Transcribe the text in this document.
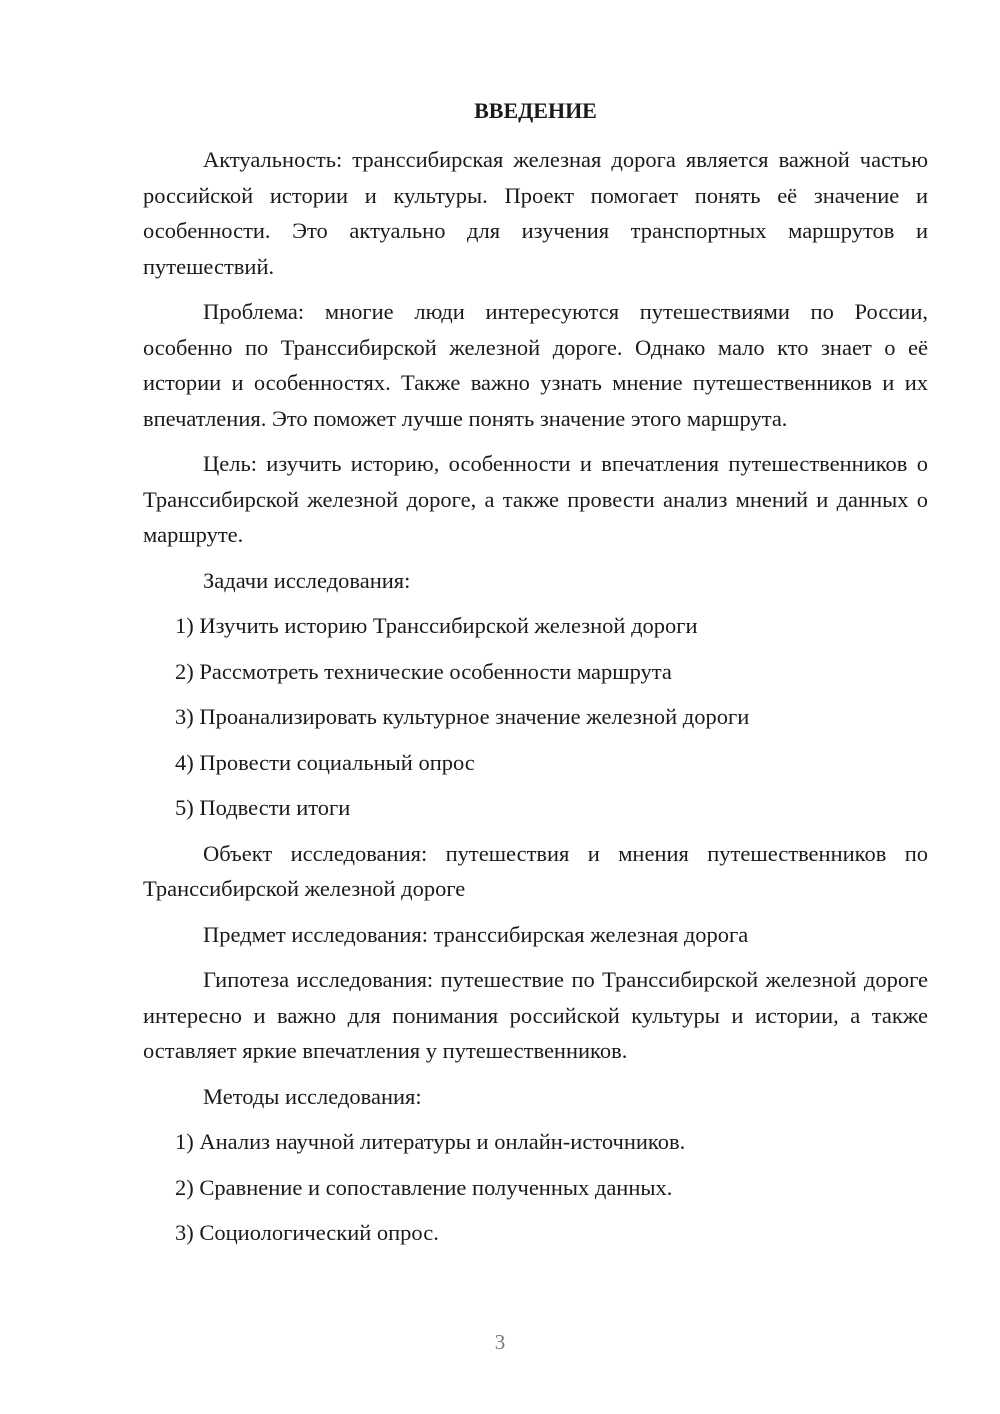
ВВЕДЕНИЕ

Актуальность: транссибирская железная дорога является важной частью российской истории и культуры. Проект помогает понять её значение и особенности. Это актуально для изучения транспортных маршрутов и путешествий.

Проблема: многие люди интересуются путешествиями по России, особенно по Транссибирской железной дороге. Однако мало кто знает о её истории и особенностях. Также важно узнать мнение путешественников и их впечатления. Это поможет лучше понять значение этого маршрута.

Цель: изучить историю, особенности и впечатления путешественников о Транссибирской железной дороге, а также провести анализ мнений и данных о маршруте.

Задачи исследования:

1) Изучить историю Транссибирской железной дороги
2) Рассмотреть технические особенности маршрута
3) Проанализировать культурное значение железной дороги
4) Провести социальный опрос
5) Подвести итоги

Объект исследования: путешествия и мнения путешественников по Транссибирской железной дороге

Предмет исследования: транссибирская железная дорога

Гипотеза исследования: путешествие по Транссибирской железной дороге интересно и важно для понимания российской культуры и истории, а также оставляет яркие впечатления у путешественников.

Методы исследования:

1) Анализ научной литературы и онлайн-источников.
2) Сравнение и сопоставление полученных данных.
3) Социологический опрос.
3
